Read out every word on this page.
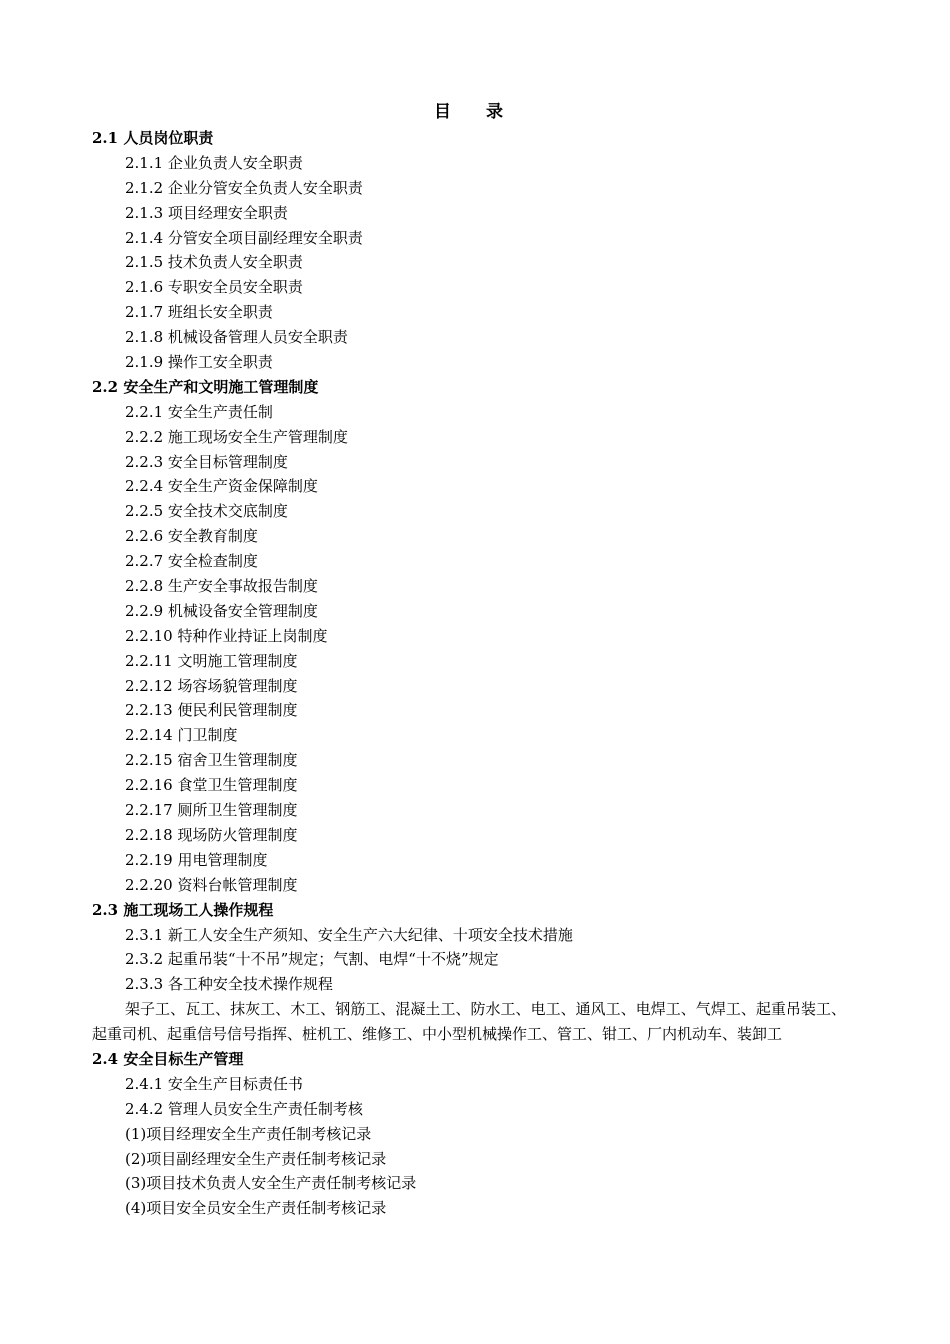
目 录
2.1 人员岗位职责
2.1.1 企业负责人安全职责
2.1.2 企业分管安全负责人安全职责
2.1.3 项目经理安全职责
2.1.4 分管安全项目副经理安全职责
2.1.5 技术负责人安全职责
2.1.6 专职安全员安全职责
2.1.7 班组长安全职责
2.1.8 机械设备管理人员安全职责
2.1.9 操作工安全职责
2.2 安全生产和文明施工管理制度
2.2.1 安全生产责任制
2.2.2 施工现场安全生产管理制度
2.2.3 安全目标管理制度
2.2.4 安全生产资金保障制度
2.2.5 安全技术交底制度
2.2.6 安全教育制度
2.2.7 安全检查制度
2.2.8 生产安全事故报告制度
2.2.9 机械设备安全管理制度
2.2.10 特种作业持证上岗制度
2.2.11 文明施工管理制度
2.2.12 场容场貌管理制度
2.2.13 便民利民管理制度
2.2.14 门卫制度
2.2.15 宿舍卫生管理制度
2.2.16 食堂卫生管理制度
2.2.17 厕所卫生管理制度
2.2.18 现场防火管理制度
2.2.19 用电管理制度
2.2.20 资料台帐管理制度
2.3 施工现场工人操作规程
2.3.1 新工人安全生产须知、安全生产六大纪律、十项安全技术措施
2.3.2 起重吊装“十不吊”规定；气割、电焊“十不烧”规定
2.3.3 各工种安全技术操作规程
架子工、瓦工、抹灰工、木工、钢筋工、混凝土工、防水工、电工、通风工、电焊工、气焊工、起重吊装工、起重司机、起重信号信号指挥、桩机工、维修工、中小型机械操作工、管工、钳工、厂内机动车、装卸工
2.4 安全目标生产管理
2.4.1 安全生产目标责任书
2.4.2 管理人员安全生产责任制考核
(1)项目经理安全生产责任制考核记录
(2)项目副经理安全生产责任制考核记录
(3)项目技术负责人安全生产责任制考核记录
(4)项目安全员安全生产责任制考核记录
